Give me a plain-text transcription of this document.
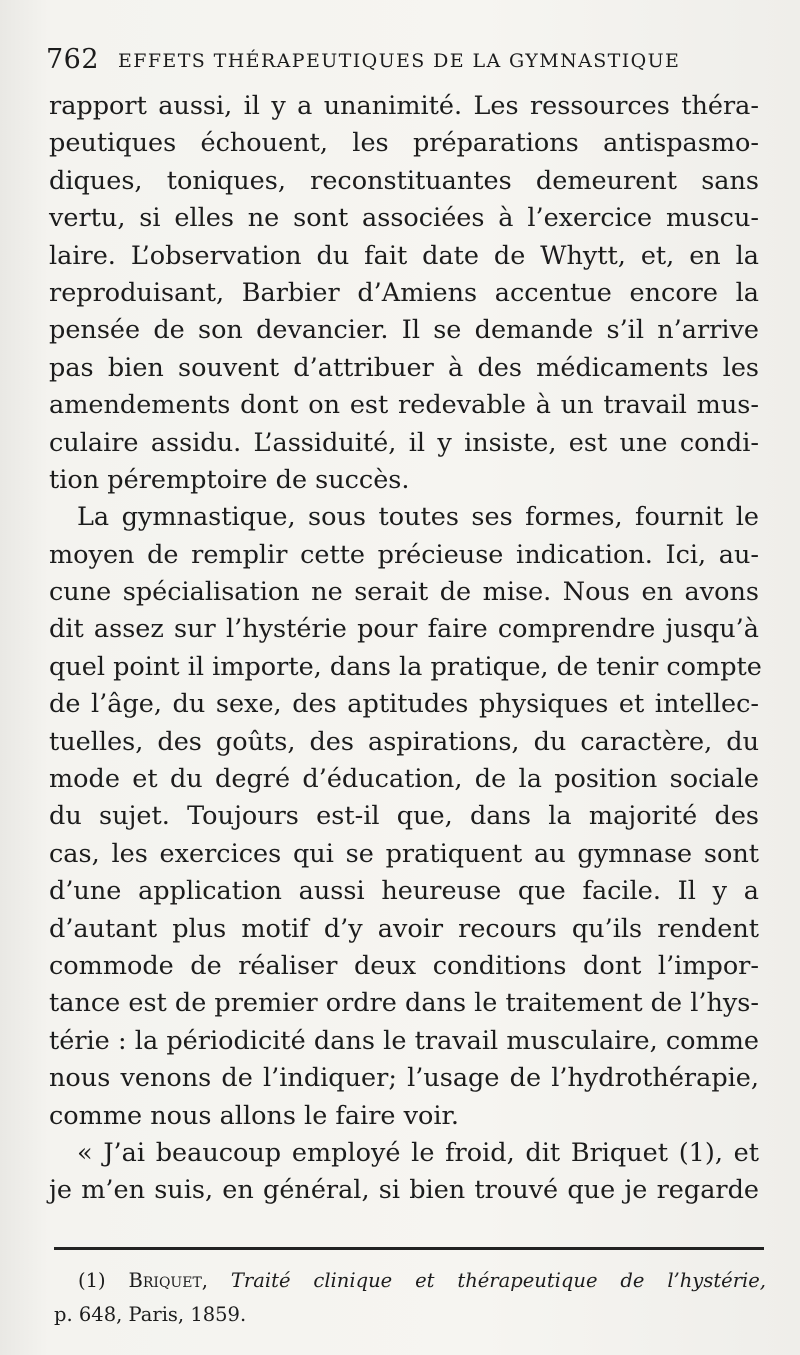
762 EFFETS THÉRAPEUTIQUES DE LA GYMNASTIQUE
rapport aussi, il y a unanimité. Les ressources théra-
peutiques échouent, les préparations antispasmo-
diques, toniques, reconstituantes demeurent sans
vertu, si elles ne sont associées à l’exercice muscu-
laire. L’observation du fait date de Whytt, et, en la
reproduisant, Barbier d’Amiens accentue encore la
pensée de son devancier. Il se demande s’il n’arrive
pas bien souvent d’attribuer à des médicaments les
amendements dont on est redevable à un travail mus-
culaire assidu. L’assiduité, il y insiste, est une condi-
tion péremptoire de succès.
La gymnastique, sous toutes ses formes, fournit le
moyen de remplir cette précieuse indication. Ici, au-
cune spécialisation ne serait de mise. Nous en avons
dit assez sur l’hystérie pour faire comprendre jusqu’à
quel point il importe, dans la pratique, de tenir compte
de l’âge, du sexe, des aptitudes physiques et intellec-
tuelles, des goûts, des aspirations, du caractère, du
mode et du degré d’éducation, de la position sociale
du sujet. Toujours est-il que, dans la majorité des
cas, les exercices qui se pratiquent au gymnase sont
d’une application aussi heureuse que facile. Il y a
d’autant plus motif d’y avoir recours qu’ils rendent
commode de réaliser deux conditions dont l’impor-
tance est de premier ordre dans le traitement de l’hys-
térie : la périodicité dans le travail musculaire, comme
nous venons de l’indiquer; l’usage de l’hydrothérapie,
comme nous allons le faire voir.
« J’ai beaucoup employé le froid, dit Briquet (1), et
je m’en suis, en général, si bien trouvé que je regarde
(1) Briquet, Traité clinique et thérapeutique de l’hystérie,
p. 648, Paris, 1859.
